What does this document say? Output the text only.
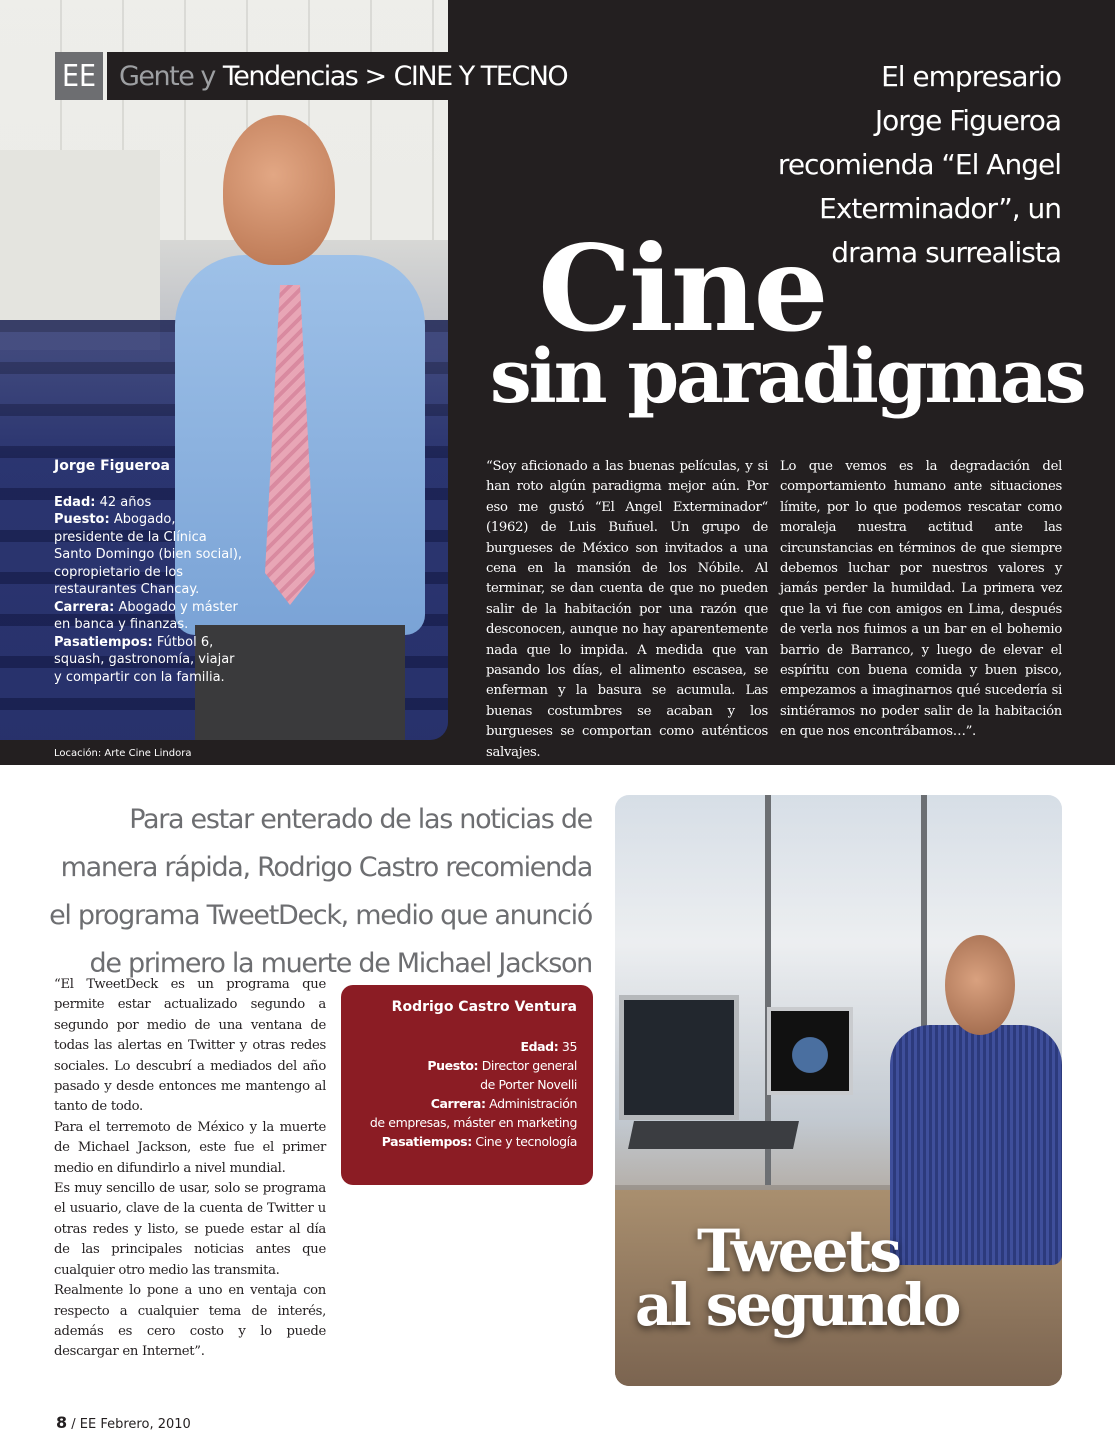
Jorge Figueroa
Edad: 42 años
Puesto: Abogado, presidente de la Clínica Santo Domingo (bien social), copropietario de los restaurantes Chancay.
Carrera: Abogado y máster en banca y finanzas.
Pasatiempos: Fútbol 6, squash, gastronomía, viajar y compartir con la familia.
EE Gente y Tendencias > CINE Y TECNO	El empresario
Jorge Figueroa
recomienda “El Angel
Exterminador”, un
drama surrealista
Cine
sin paradigmas

“Soy aficionado a las buenas películas, y si han roto algún paradigma mejor aún. Por eso me gustó “El Angel Exterminador“ (1962) de Luis Buñuel. Un grupo de burgueses de México son invitados a una cena en la mansión de los Nóbile. Al terminar, se dan cuenta de que no pueden salir de la habitación por una razón que desconocen, aunque no hay aparentemente nada que lo impida. A medida que van pasando los días, el alimento escasea, se enferman y la basura se acumula. Las buenas costumbres se acaban y los burgueses se comportan como auténticos salvajes.

Lo que vemos es la degradación del comportamiento humano ante situaciones límite, por lo que podemos rescatar como moraleja nuestra actitud ante las circunstancias en términos de que siempre debemos luchar por nuestros valores y jamás perder la humildad. La primera vez que la vi fue con amigos en Lima, después de verla nos fuimos a un bar en el bohemio barrio de Barranco, y luego de elevar el espíritu con buena comida y buen pisco, empezamos a imaginarnos qué sucedería si sintiéramos no poder salir de la habitación en que nos encontrábamos…”.

Locación: Arte Cine Lindora
Para estar enterado de las noticias de
manera rápida, Rodrigo Castro recomienda
el programa TweetDeck, medio que anunció
de primero la muerte de Michael Jackson

“El TweetDeck es un programa que permite estar actualizado segundo a segundo por medio de una ventana de todas las alertas en Twitter y otras redes sociales. Lo descubrí a mediados del año pasado y desde entonces me mantengo al tanto de todo.

Para el terremoto de México y la muerte de Michael Jackson, este fue el primer medio en difundirlo a nivel mundial.

Es muy sencillo de usar, solo se programa el usuario, clave de la cuenta de Twitter u otras redes y listo, se puede estar al día de las principales noticias antes que cualquier otro medio las transmita.

Realmente lo pone a uno en ventaja con respecto a cualquier tema de interés, además es cero costo y lo puede descargar en Internet”.

Rodrigo Castro Ventura
Edad: 35
Puesto: Director general
de Porter Novelli
Carrera: Administración
de empresas, máster en marketing
Pasatiempos: Cine y tecnología
Tweets
al segundo
8 / EE Febrero, 2010
